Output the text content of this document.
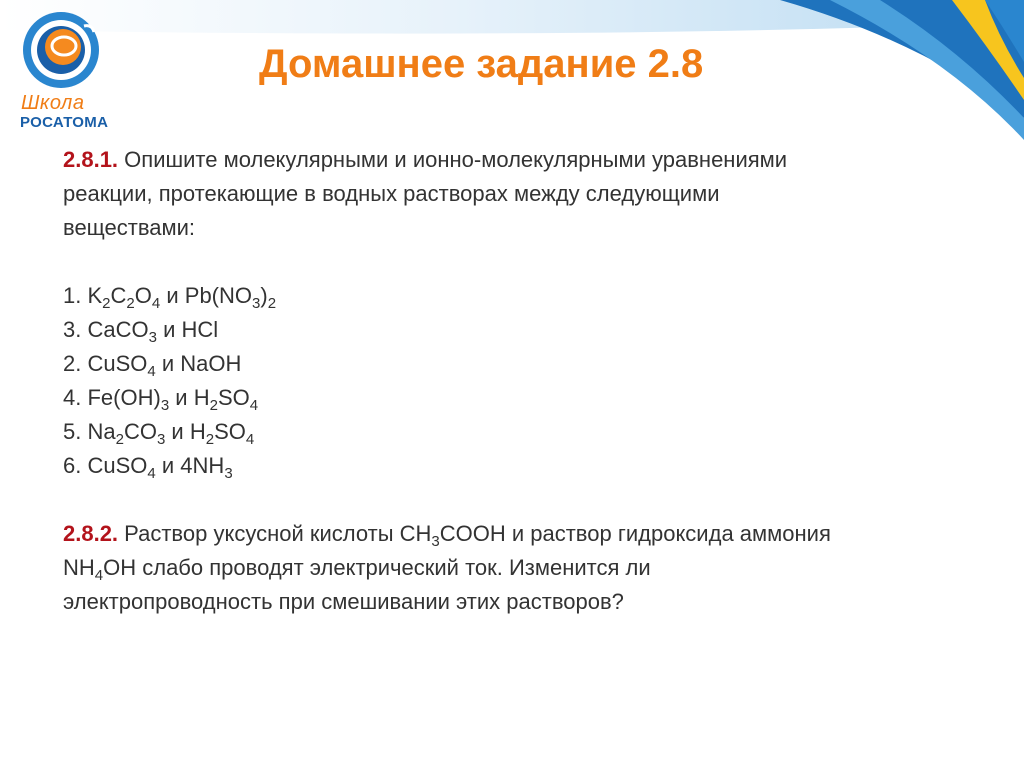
Школа
РОСАТОМА
Домашнее задание 2.8
2.8.1. Опишите молекулярными и ионно-молекулярными уравнениями
реакции, протекающие в водных растворах между следующими
веществами:
1. $K_2C_2O_4$ и $Pb(NO_3)_2$
3. CaCO$_3$ и HCl
2. CuSO$_4$ и NaOH
4. $Fe(OH)_3$ и $H_2SO_4$
5. $Na_2CO_3$ и $H_2SO_4$
6. CuSO$_4$ и $4NH_3$
2.8.2. Раствор уксусной кислоты $CH_3COOH$ и раствор гидроксида аммония
$NH_4OH$ слабо проводят электрический ток. Изменится ли
электропроводность при смешивании этих растворов?
